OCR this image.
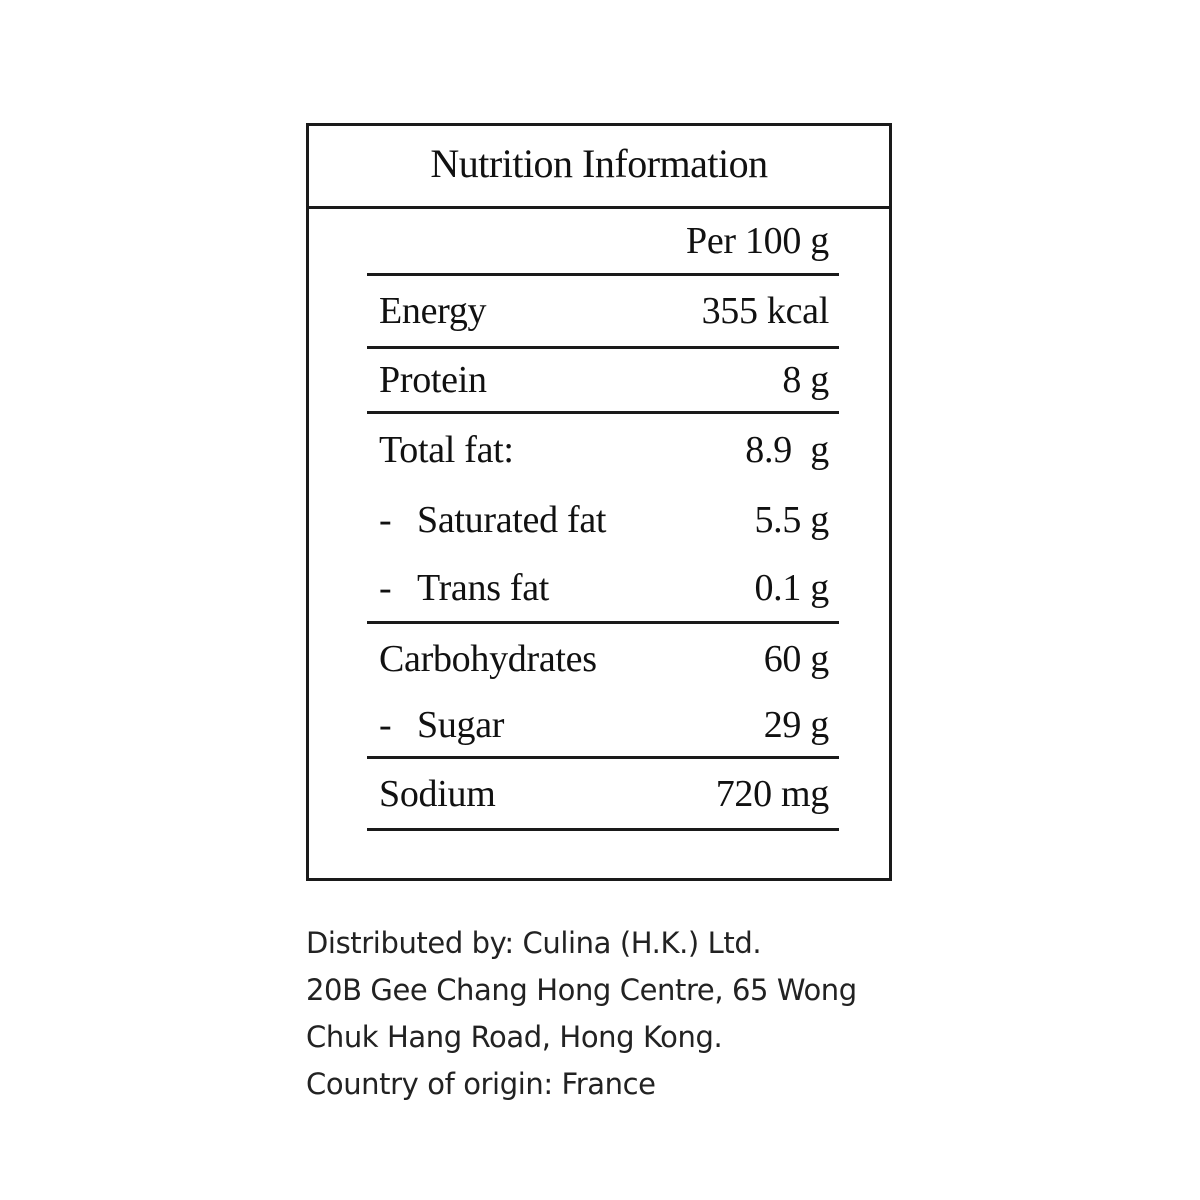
Nutrition Information
Per 100 g
Energy	355 kcal
Protein	8 g
Total fat:	8.9  g
- Saturated fat	5.5 g
- Trans fat	0.1 g
Carbohydrates	60 g
- Sugar	29 g
Sodium	720 mg
Distributed by: Culina (H.K.) Ltd.
20B Gee Chang Hong Centre, 65 Wong
Chuk Hang Road, Hong Kong.
Country of origin: France
